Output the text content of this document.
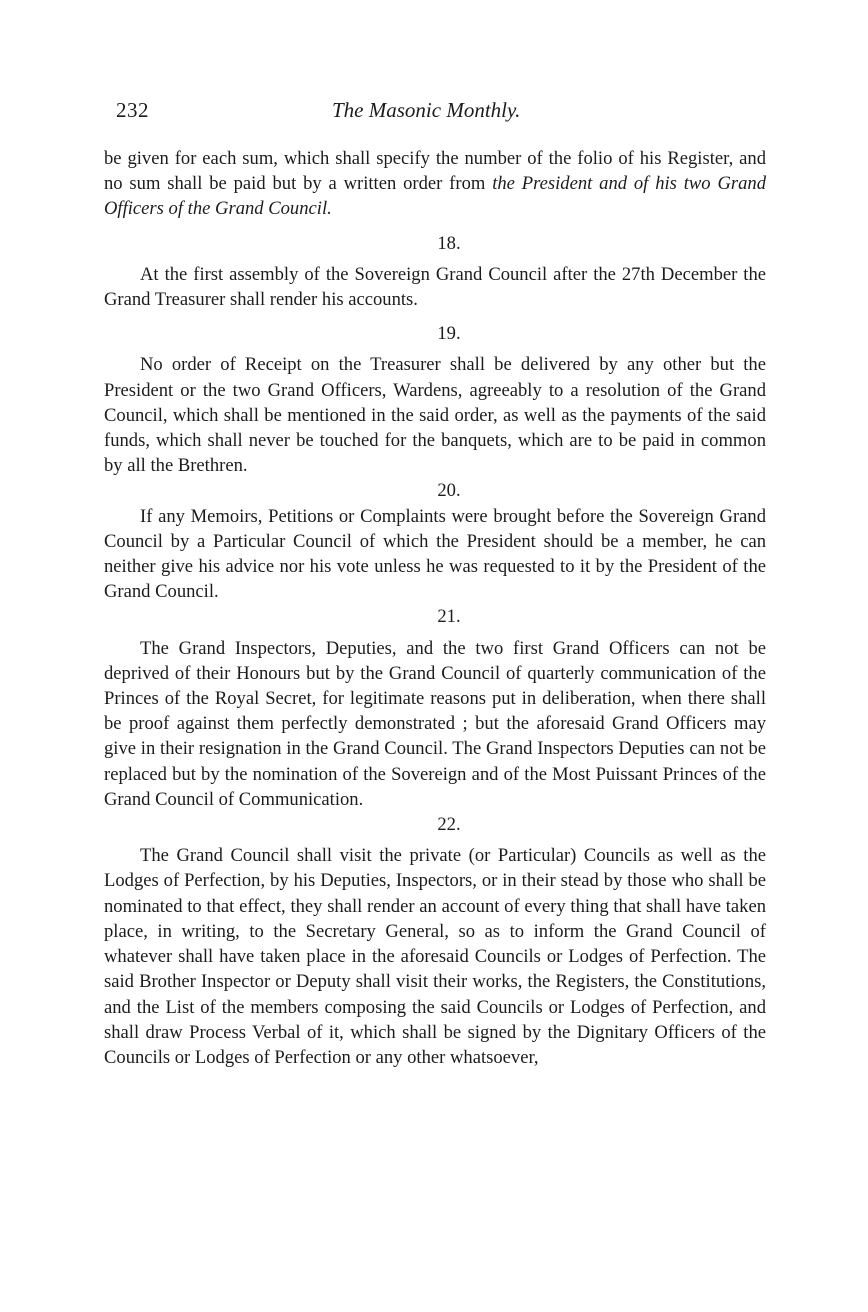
232	The Masonic Monthly.

be given for each sum, which shall specify the number of the folio of his Register, and no sum shall be paid but by a written order from the President and of his two Grand Officers of the Grand Council.

18.

At the first assembly of the Sovereign Grand Council after the 27th December the Grand Treasurer shall render his accounts.

19.

No order of Receipt on the Treasurer shall be delivered by any other but the President or the two Grand Officers, Wardens, agreeably to a resolution of the Grand Council, which shall be mentioned in the said order, as well as the payments of the said funds, which shall never be touched for the banquets, which are to be paid in common by all the Brethren.

20.

If any Memoirs, Petitions or Complaints were brought before the Sovereign Grand Council by a Particular Council of which the President should be a member, he can neither give his advice nor his vote unless he was requested to it by the President of the Grand Council.

21.

The Grand Inspectors, Deputies, and the two first Grand Officers can not be deprived of their Honours but by the Grand Council of quarterly communication of the Princes of the Royal Secret, for legitimate reasons put in deliberation, when there shall be proof against them perfectly demonstrated ; but the aforesaid Grand Officers may give in their resignation in the Grand Council. The Grand Inspectors Deputies can not be replaced but by the nomination of the Sovereign and of the Most Puissant Princes of the Grand Council of Communication.

22.

The Grand Council shall visit the private (or Particular) Councils as well as the Lodges of Perfection, by his Deputies, Inspectors, or in their stead by those who shall be nominated to that effect, they shall render an account of every thing that shall have taken place, in writing, to the Secretary General, so as to inform the Grand Council of whatever shall have taken place in the aforesaid Councils or Lodges of Perfection. The said Brother Inspector or Deputy shall visit their works, the Registers, the Constitutions, and the List of the members composing the said Councils or Lodges of Perfection, and shall draw Process Verbal of it, which shall be signed by the Dignitary Officers of the Councils or Lodges of Perfection or any other whatsoever,
